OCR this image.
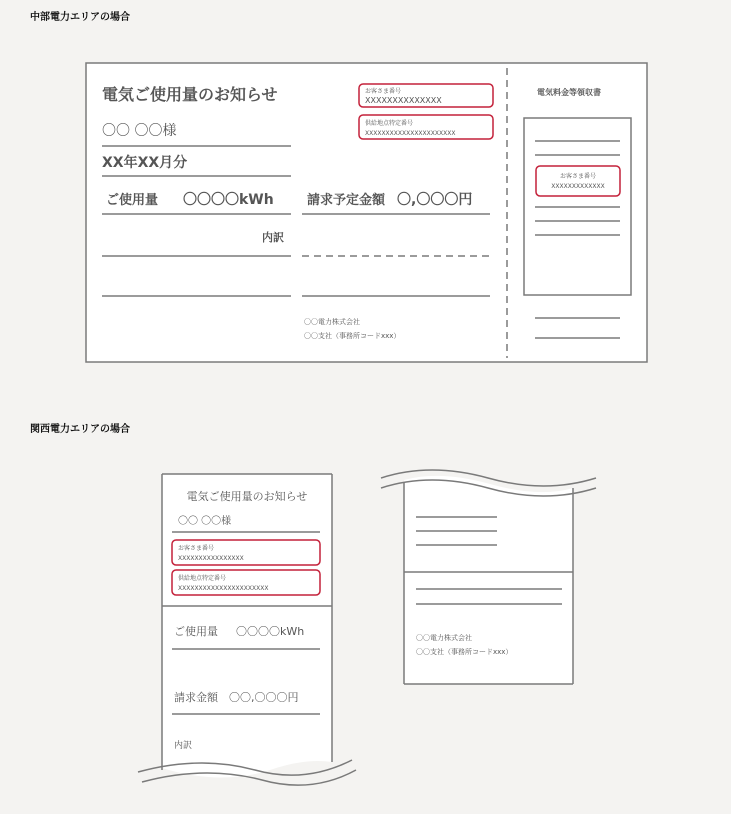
中部電力エリアの場合
関西電力エリアの場合
電気ご使用量のお知らせ
〇〇 〇〇様
XX年XX月分
ご使用量 〇〇〇〇kWh	請求予定金額 〇,〇〇〇円
内訳
〇〇電力株式会社
〇〇支社（事務所コードxxx）
お客さま番号
XXXXXXXXXXXXXX
供給地点特定番号
XXXXXXXXXXXXXXXXXXXXXX
電気料金等領収書
お客さま番号
XXXXXXXXXXXXX
電気ご使用量のお知らせ
〇〇 〇〇様
お客さま番号
XXXXXXXXXXXXXXXX
供給地点特定番号
XXXXXXXXXXXXXXXXXXXXXX
ご使用量 〇〇〇〇kWh
請求金額 〇〇,〇〇〇円
内訳
〇〇電力株式会社
〇〇支社（事務所コードxxx）
